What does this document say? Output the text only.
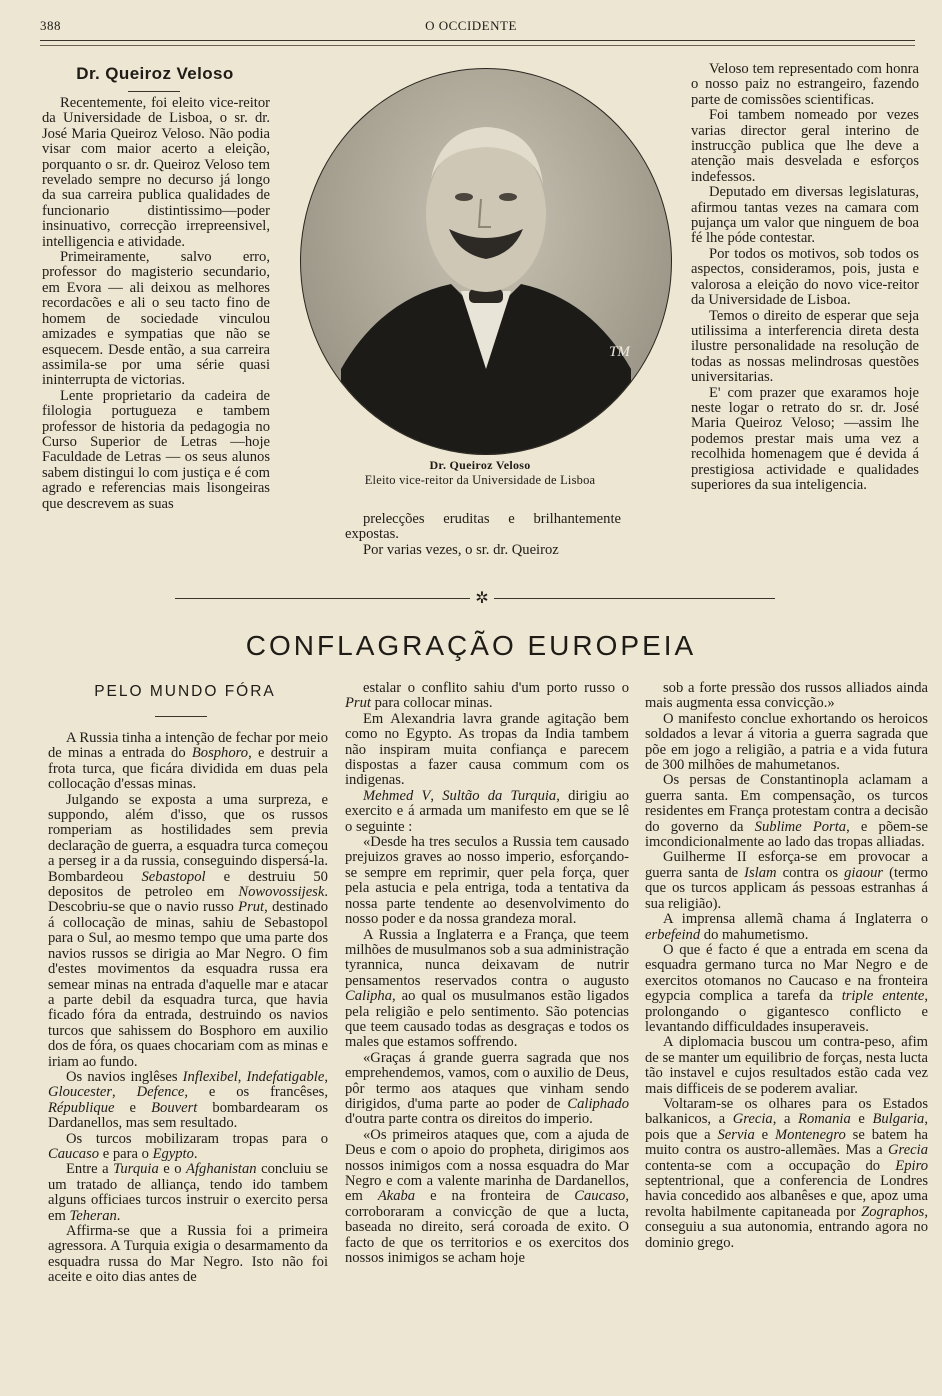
388	O OCCIDENTE
Dr. Queiroz Veloso

Recentemente, foi eleito vice-reitor da Universidade de Lisboa, o sr. dr. José Maria Queiroz Veloso. Não podia visar com maior acerto a eleição, porquanto o sr. dr. Queiroz Veloso tem revelado sempre no decurso já longo da sua carreira publica qualidades de funcionario distintissimo—poder insinuativo, correcção irrepreensivel, intelligencia e atividade.

Primeiramente, salvo erro, professor do magisterio secundario, em Evora — ali deixou as melhores recordacões e ali o seu tacto fino de homem de sociedade vinculou amizades e sympatias que não se esquecem. Desde então, a sua carreira assimila-se por uma série quasi ininterrupta de victorias.

Lente proprietario da cadeira de filologia portugueza e tambem professor de historia da pedagogia no Curso Superior de Letras —hoje Faculdade de Letras — os seus alunos sabem distingui lo com justiça e é com agrado e referencias mais lisongeiras que descrevem as suas

TM
Dr. Queiroz Veloso
Eleito vice-reitor da Universidade de Lisboa

prelecções eruditas e brilhantemente expostas.

Por varias vezes, o sr. dr. Queiroz

Veloso tem representado com honra o nosso paiz no estrangeiro, fazendo parte de comissões scientificas.

Foi tambem nomeado por vezes varias director geral interino de instrucção publica que lhe deve a atenção mais desvelada e esforços indefessos.

Deputado em diversas legislaturas, afirmou tantas vezes na camara com pujança um valor que ninguem de boa fé lhe póde contestar.

Por todos os motivos, sob todos os aspectos, consideramos, pois, justa e valorosa a eleição do novo vice-reitor da Universidade de Lisboa.

Temos o direito de esperar que seja utilissima a interferencia direta desta ilustre personalidade na resolução de todas as nossas melindrosas questões universitarias.

E' com prazer que exaramos hoje neste logar o retrato do sr. dr. José Maria Queiroz Veloso; —assim lhe podemos prestar mais uma vez a recolhida homenagem que é devida á prestigiosa actividade e qualidades superiores da sua inteligencia.

✲
CONFLAGRAÇÃO EUROPEIA
PELO MUNDO FÓRA

A Russia tinha a intenção de fechar por meio de minas a entrada do Bosphoro, e destruir a frota turca, que ficára dividida em duas pela collocação d'essas minas.

Julgando se exposta a uma surpreza, e suppondo, além d'isso, que os russos romperiam as hostilidades sem previa declaração de guerra, a esquadra turca começou a perseg ir a da russia, conseguindo dispersá-la. Bombardeou Sebastopol e destruiu 50 depositos de petroleo em Nowovossijesk. Descobriu-se que o navio russo Prut, destinado á collocação de minas, sahiu de Sebastopol para o Sul, ao mesmo tempo que uma parte dos navios russos se dirigia ao Mar Negro. O fim d'estes movimentos da esquadra russa era semear minas na entrada d'aquelle mar e atacar a parte debil da esquadra turca, que havia ficado fóra da entrada, destruindo os navios turcos que sahissem do Bosphoro em auxilio dos de fóra, os quaes chocariam com as minas e iriam ao fundo.

Os navios inglêses Inflexibel, Indefatigable, Gloucester, Defence, e os francêses, République e Bouvert bombardearam os Dardanellos, mas sem resultado.

Os turcos mobilizaram tropas para o Caucaso e para o Egypto.

Entre a Turquia e o Afghanistan concluiu se um tratado de alliança, tendo ido tambem alguns officiaes turcos instruir o exercito persa em Teheran.

Affirma-se que a Russia foi a primeira agressora. A Turquia exigia o desarmamento da esquadra russa do Mar Negro. Isto não foi aceite e oito dias antes de

estalar o conflito sahiu d'um porto russo o Prut para collocar minas.

Em Alexandria lavra grande agitação bem como no Egypto. As tropas da India tambem não inspiram muita confiança e parecem dispostas a fazer causa commum com os indigenas.

Mehmed V, Sultão da Turquia, dirigiu ao exercito e á armada um manifesto em que se lê o seguinte :

«Desde ha tres seculos a Russia tem causado prejuizos graves ao nosso imperio, esforçando-se sempre em reprimir, quer pela força, quer pela astucia e pela entriga, toda a tentativa da nossa parte tendente ao desenvolvimento do nosso poder e da nossa grandeza moral.

A Russia a Inglaterra e a França, que teem milhões de musulmanos sob a sua administração tyrannica, nunca deixavam de nutrir pensamentos reservados contra o augusto Calipha, ao qual os musulmanos estão ligados pela religião e pelo sentimento. São potencias que teem causado todas as desgraças e todos os males que estamos soffrendo.

«Graças á grande guerra sagrada que nos emprehendemos, vamos, com o auxilio de Deus, pôr termo aos ataques que vinham sendo dirigidos, d'uma parte ao poder de Caliphado d'outra parte contra os direitos do imperio.

«Os primeiros ataques que, com a ajuda de Deus e com o apoio do propheta, dirigimos aos nossos inimigos com a nossa esquadra do Mar Negro e com a valente marinha de Dardanellos, em Akaba e na fronteira de Caucaso, corroboraram a convicção de que a lucta, baseada no direito, será coroada de exito. O facto de que os territorios e os exercitos dos nossos inimigos se acham hoje

sob a forte pressão dos russos alliados ainda mais augmenta essa convicção.»

O manifesto conclue exhortando os heroicos soldados a levar á vitoria a guerra sagrada que põe em jogo a religião, a patria e a vida futura de 300 milhões de mahumetanos.

Os persas de Constantinopla aclamam a guerra santa. Em compensação, os turcos residentes em França protestam contra a decisão do governo da Sublime Porta, e põem-se imcondicionalmente ao lado das tropas alliadas.

Guilherme II esforça-se em provocar a guerra santa de Islam contra os giaour (termo que os turcos applicam ás pessoas estranhas á sua religião).

A imprensa allemã chama á Inglaterra o erbefeind do mahumetismo.

O que é facto é que a entrada em scena da esquadra germano turca no Mar Negro e de exercitos otomanos no Caucaso e na fronteira egypcia complica a tarefa da triple entente, prolongando o gigantesco conflicto e levantando difficuldades insuperaveis.

A diplomacia buscou um contra-peso, afim de se manter um equilibrio de forças, nesta lucta tão instavel e cujos resultados estão cada vez mais difficeis de se poderem avaliar.

Voltaram-se os olhares para os Estados balkanicos, a Grecia, a Romania e Bulgaria, pois que a Servia e Montenegro se batem ha muito contra os austro-allemães. Mas a Grecia contenta-se com a occupação do Epiro septentrional, que a conferencia de Londres havia concedido aos albanêses e que, apoz uma revolta habilmente capitaneada por Zographos, conseguiu a sua autonomia, entrando agora no dominio grego.
